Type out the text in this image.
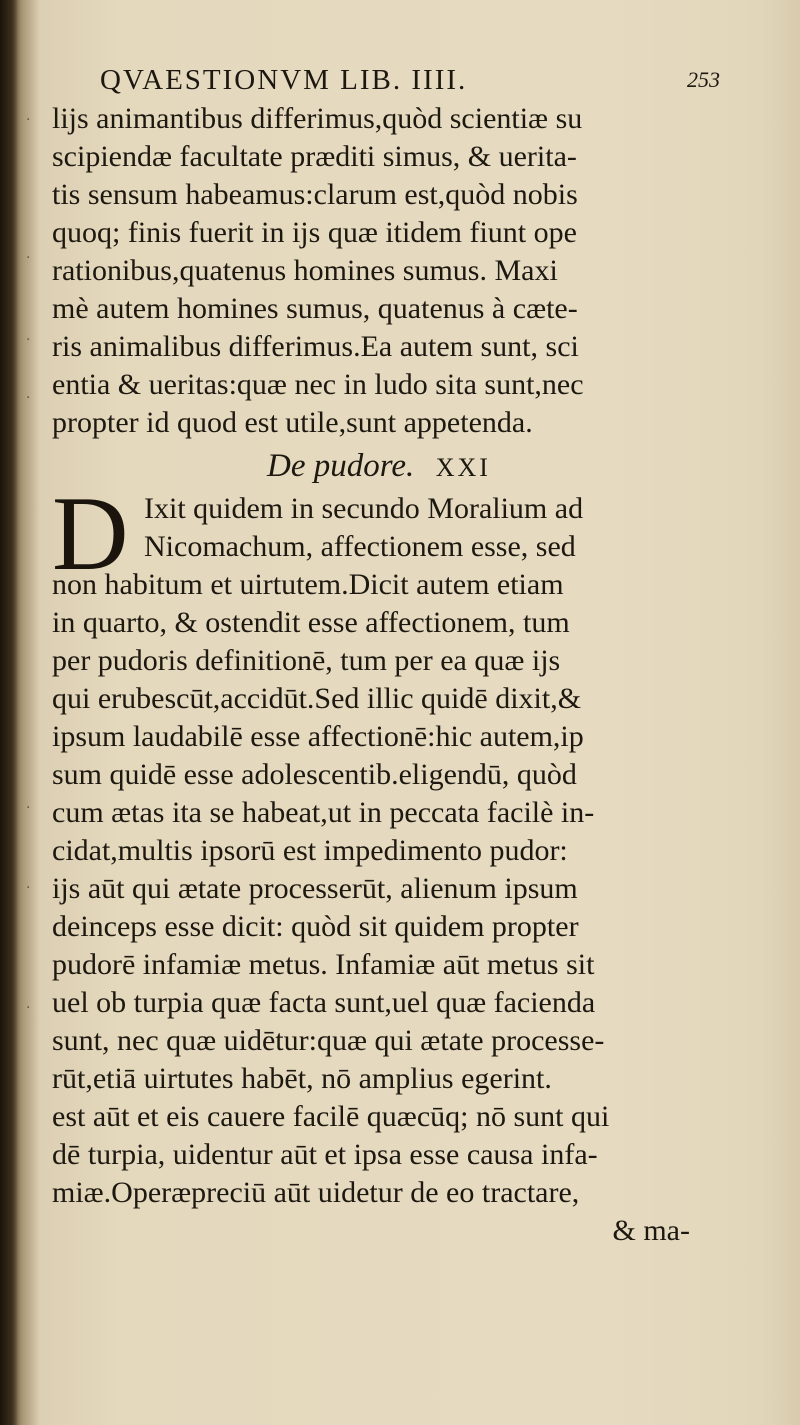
QVAESTIONVM LIB. IIII.	253
lijs animantibus differimus,quòd scientiæ su
scipiendæ facultate præditi simus, & uerita-
tis sensum habeamus:clarum est,quòd nobis
quoq; finis fuerit in ijs quæ itidem fiunt ope
rationibus,quatenus homines sumus. Maxi
mè autem homines sumus, quatenus à cæte-
ris animalibus differimus.Ea autem sunt, sci
entia & ueritas:quæ nec in ludo sita sunt,nec
propter id quod est utile,sunt appetenda.
De pudore. XXI
D Ixit quidem in secundo Moralium ad
Nicomachum, affectionem esse, sed
non habitum et uirtutem.Dicit autem etiam
in quarto, & ostendit esse affectionem, tum
per pudoris definitionē, tum per ea quæ ijs
qui erubescūt,accidūt.Sed illic quidē dixit,&
ipsum laudabilē esse affectionē:hic autem,ip
sum quidē esse adolescentib.eligendū, quòd
cum ætas ita se habeat,ut in peccata facilè in-
cidat,multis ipsorū est impedimento pudor:
ijs aūt qui ætate processerūt, alienum ipsum
deinceps esse dicit: quòd sit quidem propter
pudorē infamiæ metus. Infamiæ aūt metus sit
uel ob turpia quæ facta sunt,uel quæ facienda
sunt, nec quæ uidētur:quæ qui ætate processe-
rūt,etiā uirtutes habēt, nō amplius egerint.
est aūt et eis cauere facilē quæcūq; nō sunt qui
dē turpia, uidentur aūt et ipsa esse causa infa-
miæ.Operæpreciū aūt uidetur de eo tractare,
& ma-
·
·
·
·
·
·
·
